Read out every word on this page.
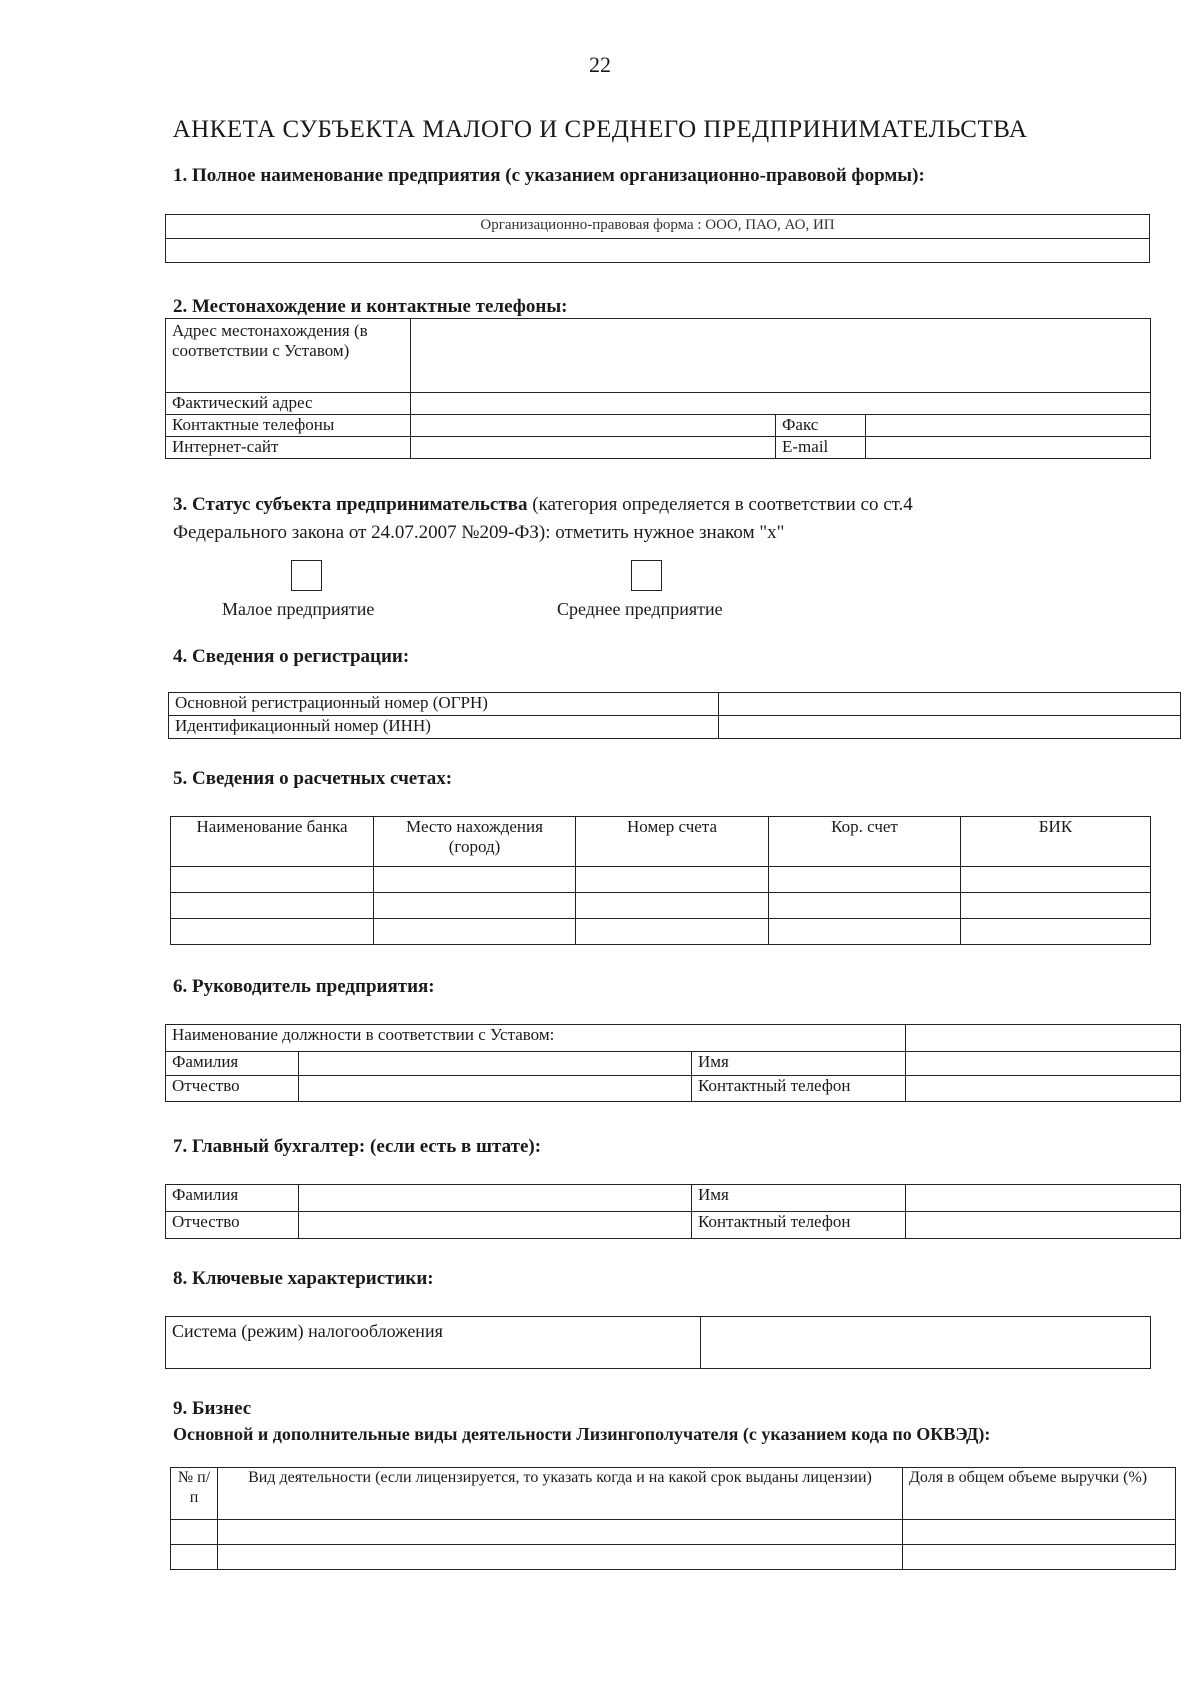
22
АНКЕТА СУБЪЕКТА МАЛОГО И СРЕДНЕГО ПРЕДПРИНИМАТЕЛЬСТВА
1. Полное наименование предприятия (с указанием организационно-правовой формы):
Организационно-правовая форма : ООО, ПАО, АО, ИП

2. Местонахождение и контактные телефоны:
Адрес местонахождения (в соответствии с Уставом)			
Фактический адрес			
Контактные телефоны		Факс	
Интернет-сайт		E-mail	
3. Статус субъекта предпринимательства (категория определяется в соответствии со ст.4
Федерального закона от 24.07.2007 №209-ФЗ): отметить нужное знаком "х"
Малое предприятие	Среднее предприятие
4. Сведения о регистрации:
Основной регистрационный номер (ОГРН)	
Идентификационный номер (ИНН)	
5. Сведения о расчетных счетах:
Наименование банка	Место нахождения (город)	Номер счета	Кор. счет	БИК

6. Руководитель предприятия:
Наименование должности в соответствии с Уставом:			
Фамилия		Имя	
Отчество		Контактный телефон	
7. Главный бухгалтер: (если есть в штате):
Фамилия		Имя	
Отчество		Контактный телефон	
8. Ключевые характеристики:
Система (режим) налогообложения	
9. Бизнес
Основной и дополнительные виды деятельности Лизингополучателя (с указанием кода по ОКВЭД):
№ п/п	Вид деятельности (если лицензируется, то указать когда и на какой срок выданы лицензии)	Доля в общем объеме выручки (%)
